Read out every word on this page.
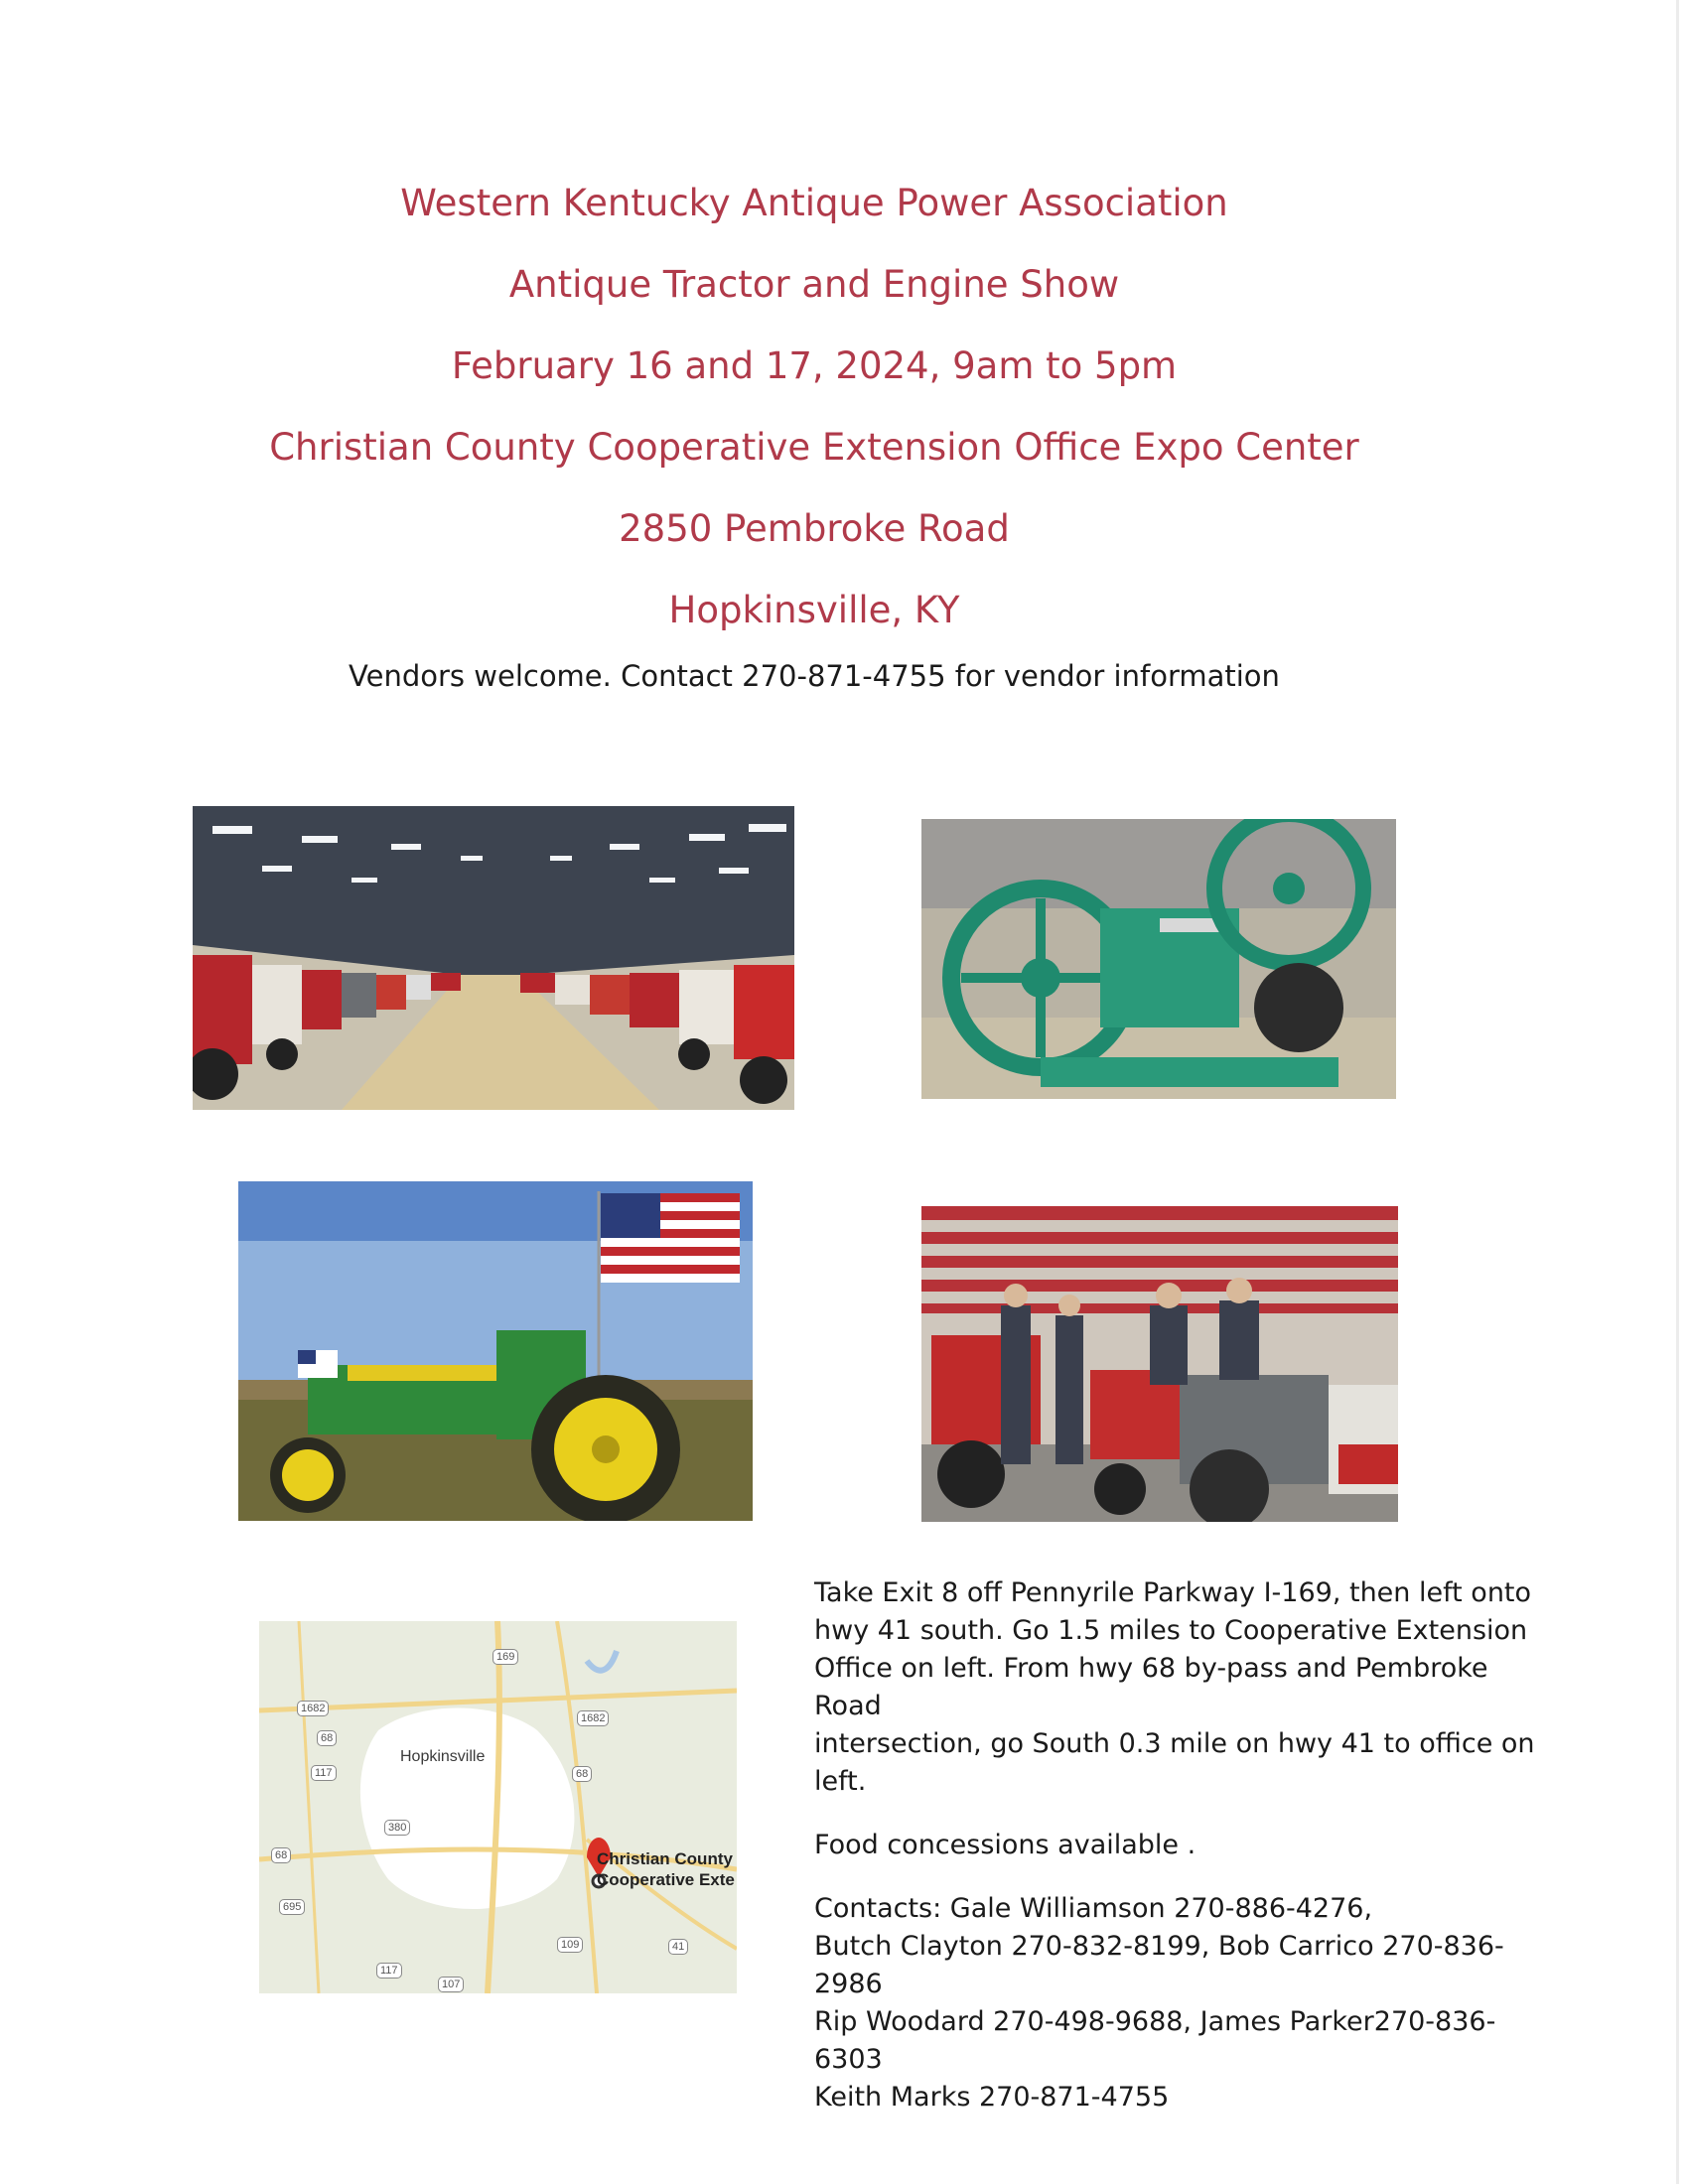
Western Kentucky Antique Power Association
Antique Tractor and Engine Show
February 16 and 17, 2024, 9am to 5pm
Christian County Cooperative Extension Office Expo Center
2850 Pembroke Road
Hopkinsville, KY
Vendors welcome. Contact 270-871-4755 for vendor information
Hopkinsville
1682
68
68
117
1682
380
695
68
109	41
117
169
107
Christian County
Cooperative Exte

Take Exit 8 off Pennyrile Parkway I-169, then left onto

hwy 41 south. Go 1.5 miles to Cooperative Extension

Office on left. From hwy 68 by-pass and Pembroke Road

intersection, go South 0.3 mile on hwy 41 to office on

left.

Food concessions available .

Contacts: Gale Williamson 270-886-4276,

Butch Clayton 270-832-8199, Bob Carrico 270-836-2986

Rip Woodard 270-498-9688, James Parker270-836-6303

Keith Marks 270-871-4755
